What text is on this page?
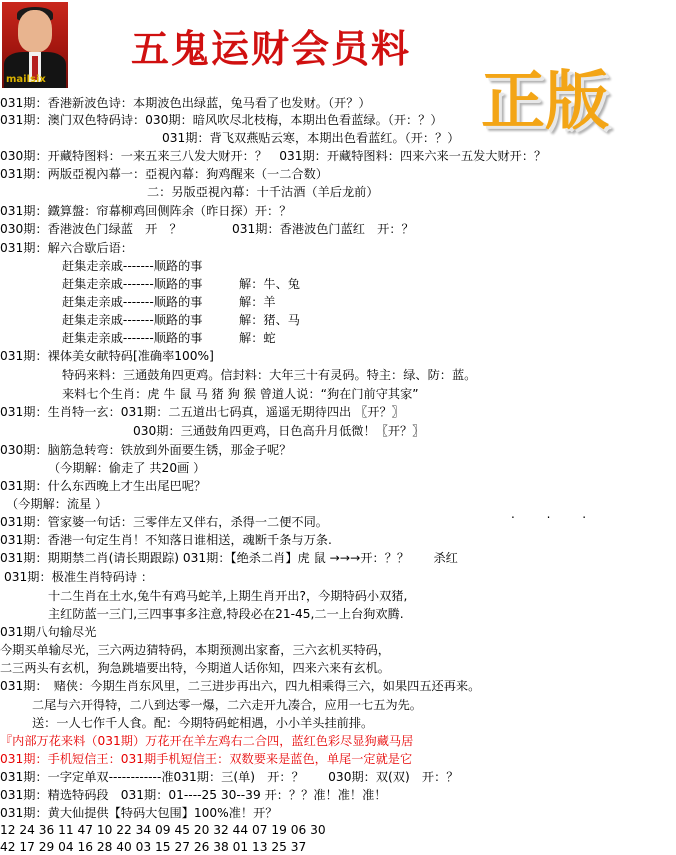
mailsix
五鬼运财会员料
正版
031期：香港新波色诗：本期波色出绿蓝，兔马看了也发财。（开？）
031期：澳门双色特码诗：030期：暗风吹尽北枝梅，本期出色看蓝绿。（开：？）
031期：背飞双燕贴云寒，本期出色看蓝红。（开：？）
030期：开藏特图料：一来五来三八发大财开：？　031期：开藏特图料：四来六来一五发大财开：？
031期：两版亞視內幕一：亞視內幕：狗鸡醒来（一二合数）
二：另版亞視內幕：十千沽酒（羊后龙前）
031期：鐵算盤：帘幕柳鸡回侧阵余（昨日探）开：？
030期：香港波色门绿蓝　开　？	031期：香港波色门蓝红　开：？
031期：解六合歇后语：
赶集走亲戚-------顺路的事
赶集走亲戚-------顺路的事　　　解：牛、兔
赶集走亲戚-------顺路的事　　　解：羊
赶集走亲戚-------顺路的事　　　解：猪、马
赶集走亲戚-------顺路的事　　　解：蛇
031期：裸体美女献特码[准确率100%]
特码来料：三通鼓角四更鸡。信封料：大年三十有灵码。特主：绿、防：蓝。
来料七个生肖：虎 牛 鼠 马 猪 狗 猴 曾道人说：“狗在门前守其家”
031期：生肖特一玄：031期：二五道出七码真，遥遥无期待四出 〖开？〗
030期：三通鼓角四更鸡，日色高升月低微！〖开？〗
030期：脑筋急转弯：铁放到外面要生锈，那金子呢？
（今期解：偷走了 共20画 ）
031期：什么东西晚上才生出尾巴呢？
（今期解：流星 ）
. . .
031期：管家婆一句话：三零伴左又伴右，杀得一二便不同。
031期：香港一句定生肖！不知落日谁相送，魂断千条与万条.
031期：期期禁二肖(请长期跟踪) 031期：【绝杀二肖】虎 鼠 →→→开：？？　　杀红
031期：极准生肖特码诗 ：
十二生肖在土水,兔牛有鸡马蛇羊,上期生肖开出?，今期特码小双猪,
主红防蓝一三门,三四事事多注意,特段必在21-45,二一上台狗欢腾.
031期八句输尽光
今期买单输尽光，三六两边猜特码，本期预测出家畜，三六玄机买特码，
二三两头有玄机，狗急跳墙要出特，今期道人话你知，四来六来有玄机。
031期：　赌侠：今期生肖东风里，二三进步再出六，四九相乘得三六，如果四五还再来。
二尾与六开得特，二八到达零一爆，二六走开九凑合，应用一七五为先。
送：一人七作千人食。配：今期特码蛇相遇，小小羊头挂前排。
『内部万花来料（031期）万花开在羊左鸡右二合四，蓝红色彩尽显狗藏马居
031期：手机短信王：031期手机短信王：双数要来是蓝色，单尾一定就是它
031期：一字定单双------------准031期：三(单)　开：？　　030期：双(双)　开：？
031期：精选特码段　031期：01----25 30--39 开：？？准！准！准！
031期：黄大仙提供【特码大包围】100%准！开？
12 24 36 11 47 10 22 34 09 45 20 32 44 07 19 06 30
42 17 29 04 16 28 40 03 15 27 26 38 01 13 25 37
